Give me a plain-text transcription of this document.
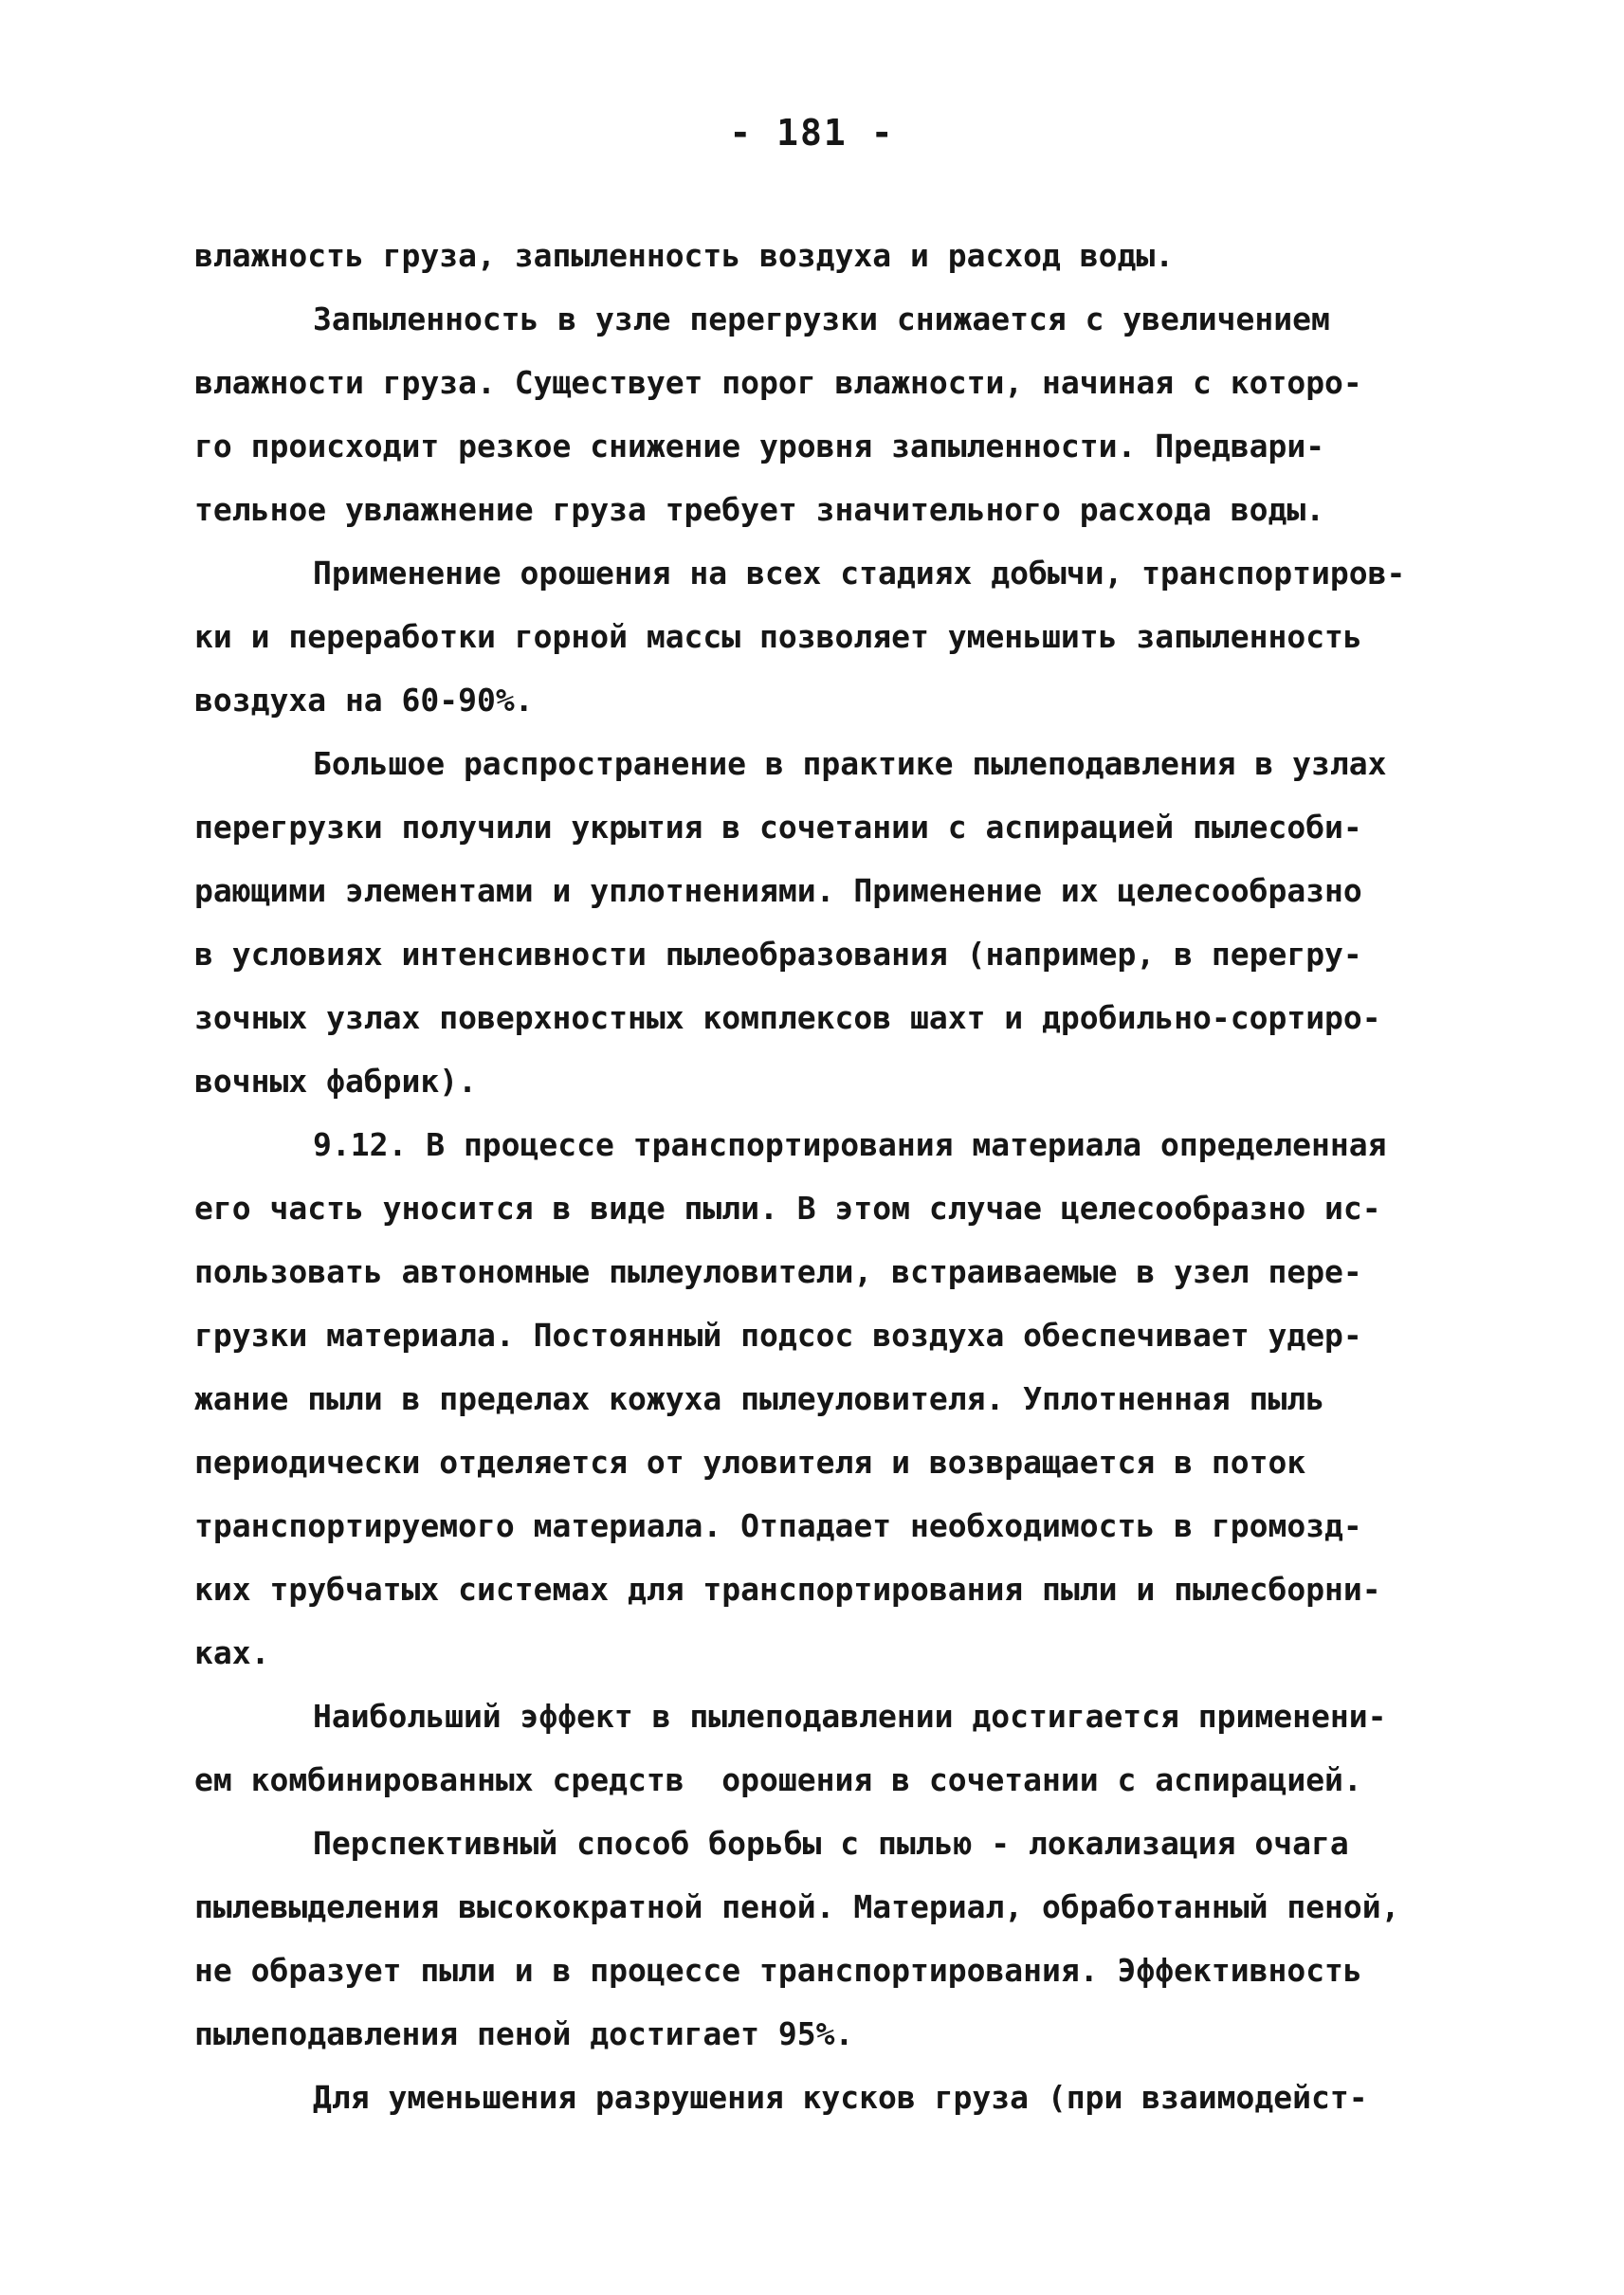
- 181 -
влажность груза, запыленность воздуха и расход воды.
Запыленность в узле перегрузки снижается с увеличением
влажности груза. Существует порог влажности, начиная с которо-
го происходит резкое снижение уровня запыленности. Предвари-
тельное увлажнение груза требует значительного расхода воды.
Применение орошения на всех стадиях добычи, транспортиров-
ки и переработки горной массы позволяет уменьшить запыленность
воздуха на 60-90%.
Большое распространение в практике пылеподавления в узлах
перегрузки получили укрытия в сочетании с аспирацией пылесоби-
рающими элементами и уплотнениями. Применение их целесообразно
в условиях интенсивности пылеобразования (например, в перегру-
зочных узлах поверхностных комплексов шахт и дробильно-сортиро-
вочных фабрик).
9.12. В процессе транспортирования материала определенная
его часть уносится в виде пыли. В этом случае целесообразно ис-
пользовать автономные пылеуловители, встраиваемые в узел пере-
грузки материала. Постоянный подсос воздуха обеспечивает удер-
жание пыли в пределах кожуха пылеуловителя. Уплотненная пыль
периодически отделяется от уловителя и возвращается в поток
транспортируемого материала. Отпадает необходимость в громозд-
ких трубчатых системах для транспортирования пыли и пылесборни-
ках.
Наибольший эффект в пылеподавлении достигается применени-
ем комбинированных средств  орошения в сочетании с аспирацией.
Перспективный способ борьбы с пылью - локализация очага
пылевыделения высокократной пеной. Материал, обработанный пеной,
не образует пыли и в процессе транспортирования. Эффективность
пылеподавления пеной достигает 95%.
Для уменьшения разрушения кусков груза (при взаимодейст-
